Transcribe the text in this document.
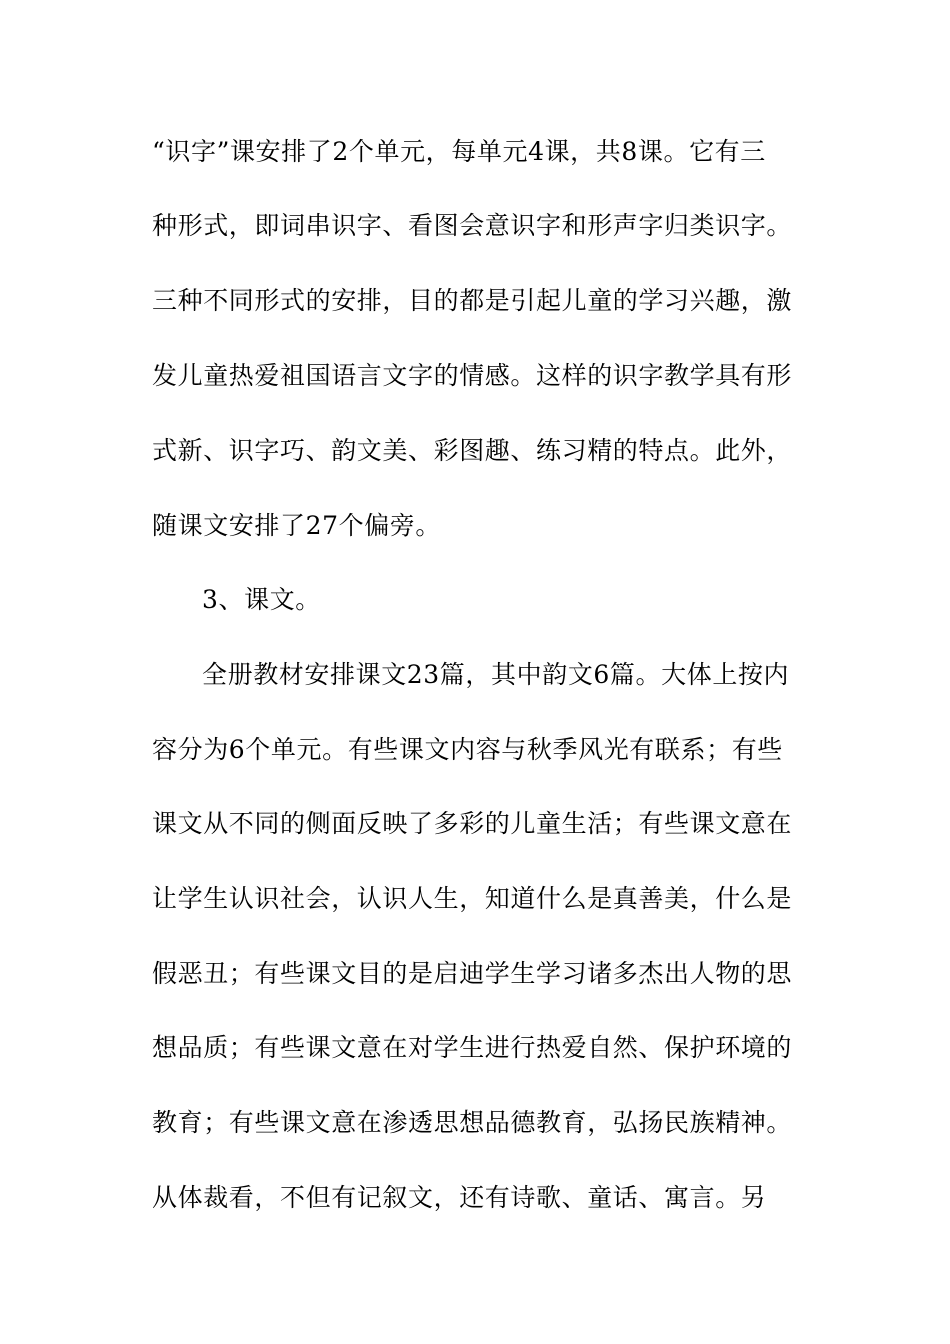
“识字”课安排了2个单元，每单元4课，共8课。它有三
种形式，即词串识字、看图会意识字和形声字归类识字。
三种不同形式的安排，目的都是引起儿童的学习兴趣，激
发儿童热爱祖国语言文字的情感。这样的识字教学具有形
式新、识字巧、韵文美、彩图趣、练习精的特点。此外，
随课文安排了27个偏旁。
3、课文。
全册教材安排课文23篇，其中韵文6篇。大体上按内
容分为6个单元。有些课文内容与秋季风光有联系；有些
课文从不同的侧面反映了多彩的儿童生活；有些课文意在
让学生认识社会，认识人生，知道什么是真善美，什么是
假恶丑；有些课文目的是启迪学生学习诸多杰出人物的思
想品质；有些课文意在对学生进行热爱自然、保护环境的
教育；有些课文意在渗透思想品德教育，弘扬民族精神。
从体裁看，不但有记叙文，还有诗歌、童话、寓言。另
